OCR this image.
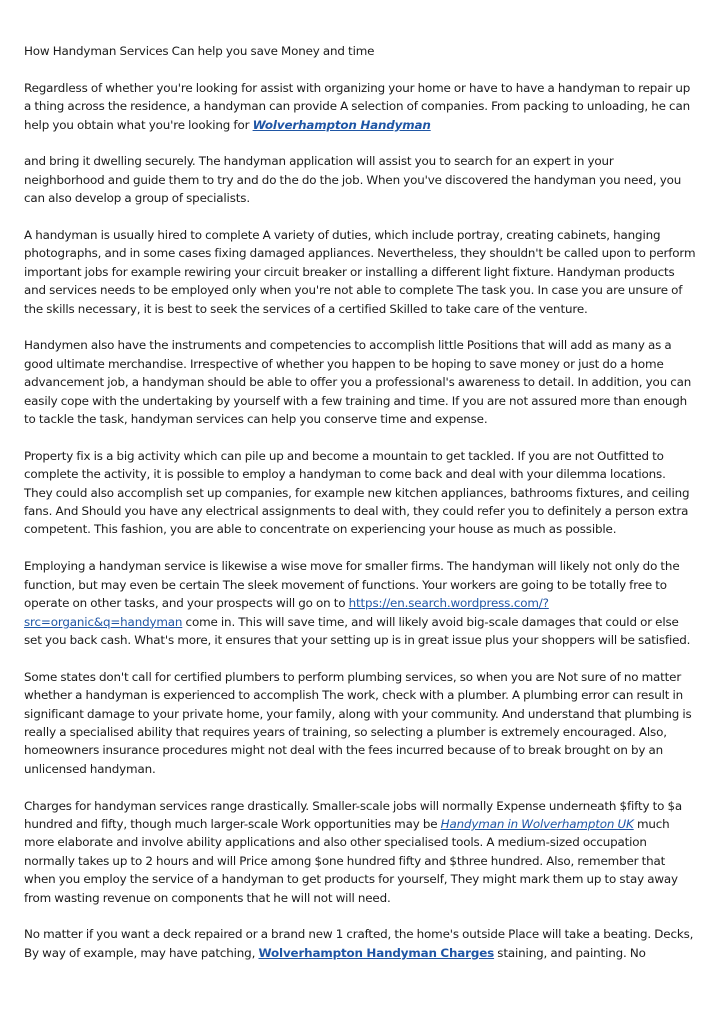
How Handyman Services Can help you save Money and time

Regardless of whether you're looking for assist with organizing your home or have to have a handyman to repair up a thing across the residence, a handyman can provide A selection of companies. From packing to unloading, he can help you obtain what you're looking for Wolverhampton Handyman

and bring it dwelling securely. The handyman application will assist you to search for an expert in your neighborhood and guide them to try and do the do the job. When you've discovered the handyman you need, you can also develop a group of specialists.

A handyman is usually hired to complete A variety of duties, which include portray, creating cabinets, hanging photographs, and in some cases fixing damaged appliances. Nevertheless, they shouldn't be called upon to perform important jobs for example rewiring your circuit breaker or installing a different light fixture. Handyman products and services needs to be employed only when you're not able to complete The task you. In case you are unsure of the skills necessary, it is best to seek the services of a certified Skilled to take care of the venture.

Handymen also have the instruments and competencies to accomplish little Positions that will add as many as a good ultimate merchandise. Irrespective of whether you happen to be hoping to save money or just do a home advancement job, a handyman should be able to offer you a professional's awareness to detail. In addition, you can easily cope with the undertaking by yourself with a few training and time. If you are not assured more than enough to tackle the task, handyman services can help you conserve time and expense.

Property fix is a big activity which can pile up and become a mountain to get tackled. If you are not Outfitted to complete the activity, it is possible to employ a handyman to come back and deal with your dilemma locations. They could also accomplish set up companies, for example new kitchen appliances, bathrooms fixtures, and ceiling fans. And Should you have any electrical assignments to deal with, they could refer you to definitely a person extra competent. This fashion, you are able to concentrate on experiencing your house as much as possible.

Employing a handyman service is likewise a wise move for smaller firms. The handyman will likely not only do the function, but may even be certain The sleek movement of functions. Your workers are going to be totally free to operate on other tasks, and your prospects will go on to https://en.search.wordpress.com/?src=organic&q=handyman come in. This will save time, and will likely avoid big-scale damages that could or else set you back cash. What's more, it ensures that your setting up is in great issue plus your shoppers will be satisfied.

Some states don't call for certified plumbers to perform plumbing services, so when you are Not sure of no matter whether a handyman is experienced to accomplish The work, check with a plumber. A plumbing error can result in significant damage to your private home, your family, along with your community. And understand that plumbing is really a specialised ability that requires years of training, so selecting a plumber is extremely encouraged. Also, homeowners insurance procedures might not deal with the fees incurred because of to break brought on by an unlicensed handyman.

Charges for handyman services range drastically. Smaller-scale jobs will normally Expense underneath $fifty to $a hundred and fifty, though much larger-scale Work opportunities may be Handyman in Wolverhampton UK much more elaborate and involve ability applications and also other specialised tools. A medium-sized occupation normally takes up to 2 hours and will Price among $one hundred fifty and $three hundred. Also, remember that when you employ the service of a handyman to get products for yourself, They might mark them up to stay away from wasting revenue on components that he will not will need.

No matter if you want a deck repaired or a brand new 1 crafted, the home's outside Place will take a beating. Decks, By way of example, may have patching, Wolverhampton Handyman Charges staining, and painting. No
